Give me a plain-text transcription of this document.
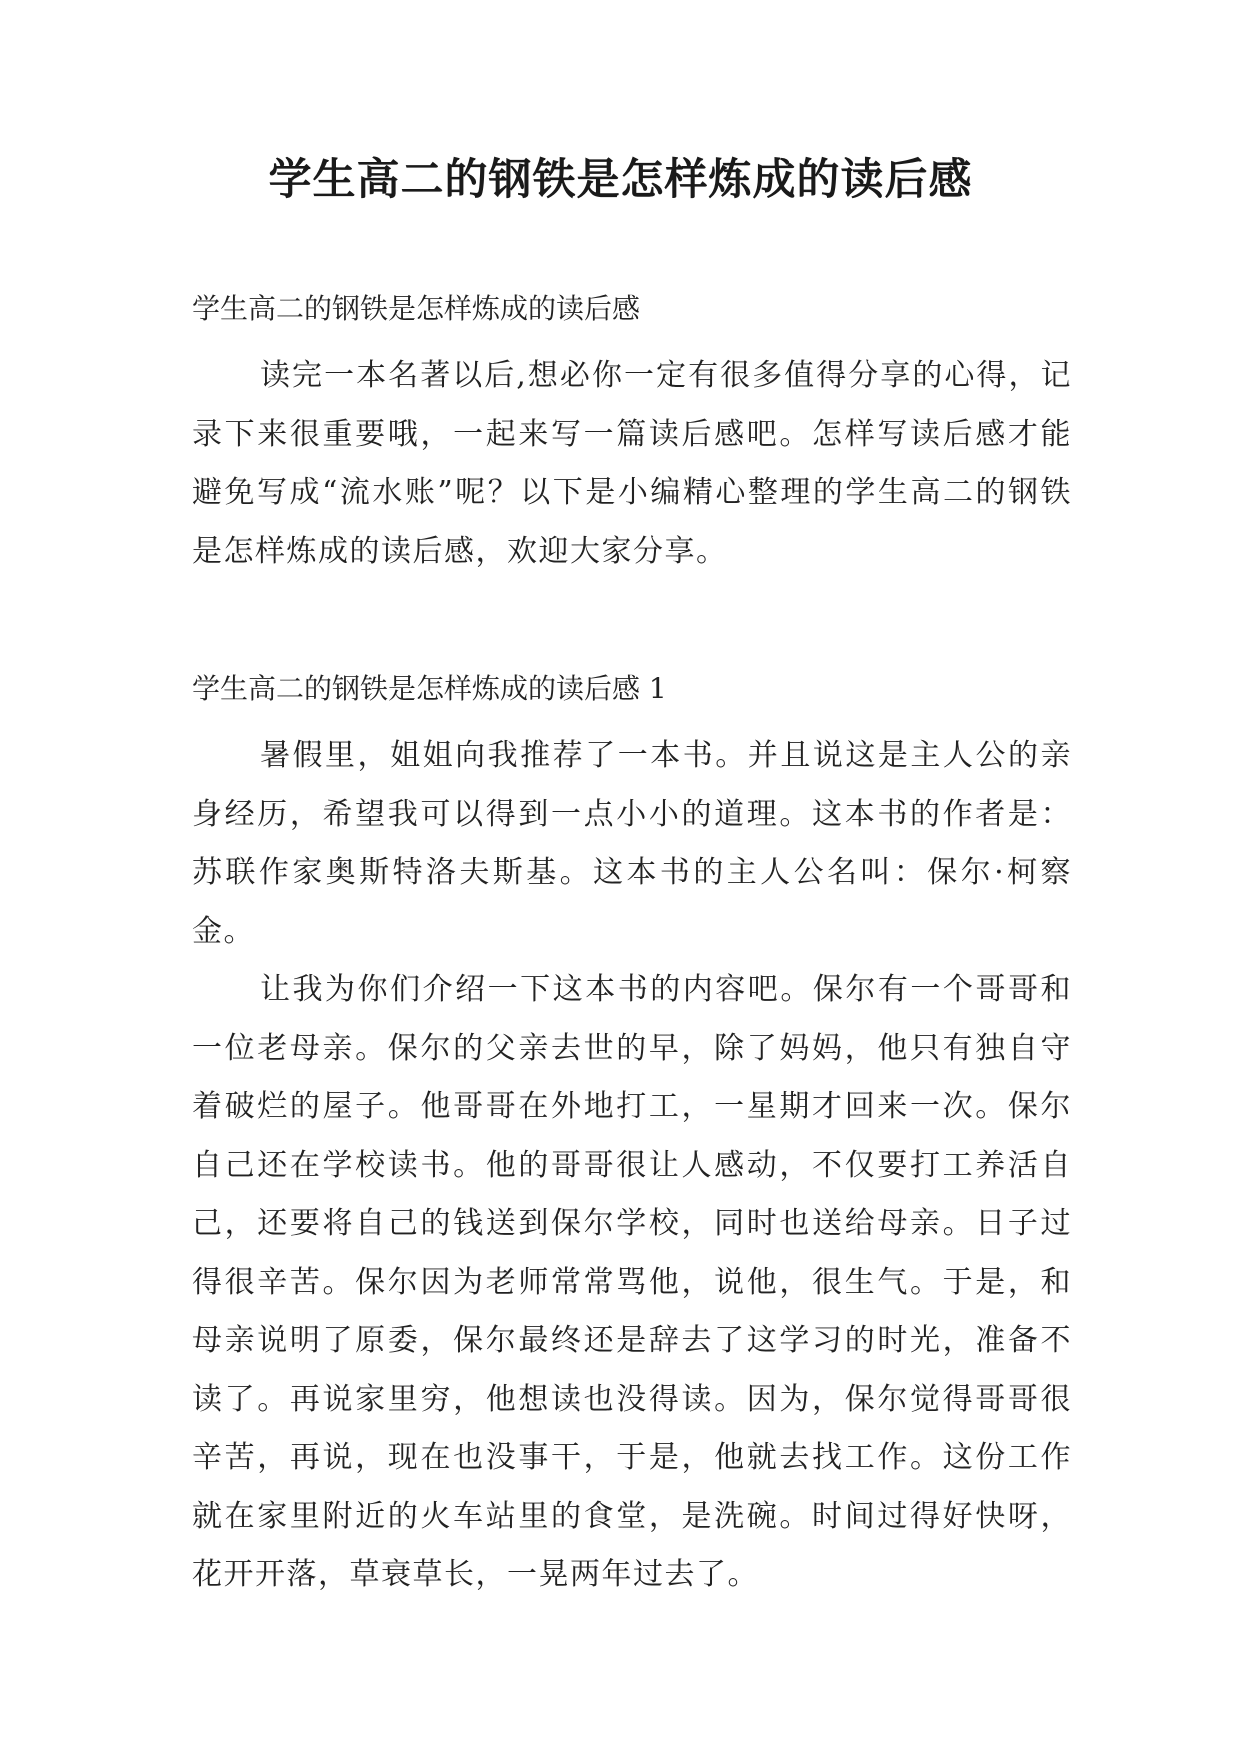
学生高二的钢铁是怎样炼成的读后感

学生高二的钢铁是怎样炼成的读后感

读完一本名著以后,想必你一定有很多值得分享的心得，记录下来很重要哦，一起来写一篇读后感吧。怎样写读后感才能避免写成“流水账”呢？以下是小编精心整理的学生高二的钢铁是怎样炼成的读后感，欢迎大家分享。

学生高二的钢铁是怎样炼成的读后感 1

暑假里，姐姐向我推荐了一本书。并且说这是主人公的亲身经历，希望我可以得到一点小小的道理。这本书的作者是：苏联作家奥斯特洛夫斯基。这本书的主人公名叫：保尔·柯察金。

让我为你们介绍一下这本书的内容吧。保尔有一个哥哥和一位老母亲。保尔的父亲去世的早，除了妈妈，他只有独自守着破烂的屋子。他哥哥在外地打工，一星期才回来一次。保尔自己还在学校读书。他的哥哥很让人感动，不仅要打工养活自己，还要将自己的钱送到保尔学校，同时也送给母亲。日子过得很辛苦。保尔因为老师常常骂他，说他，很生气。于是，和母亲说明了原委，保尔最终还是辞去了这学习的时光，准备不读了。再说家里穷，他想读也没得读。因为，保尔觉得哥哥很辛苦，再说，现在也没事干，于是，他就去找工作。这份工作就在家里附近的火车站里的食堂，是洗碗。时间过得好快呀，花开开落，草衰草长，一晃两年过去了。
